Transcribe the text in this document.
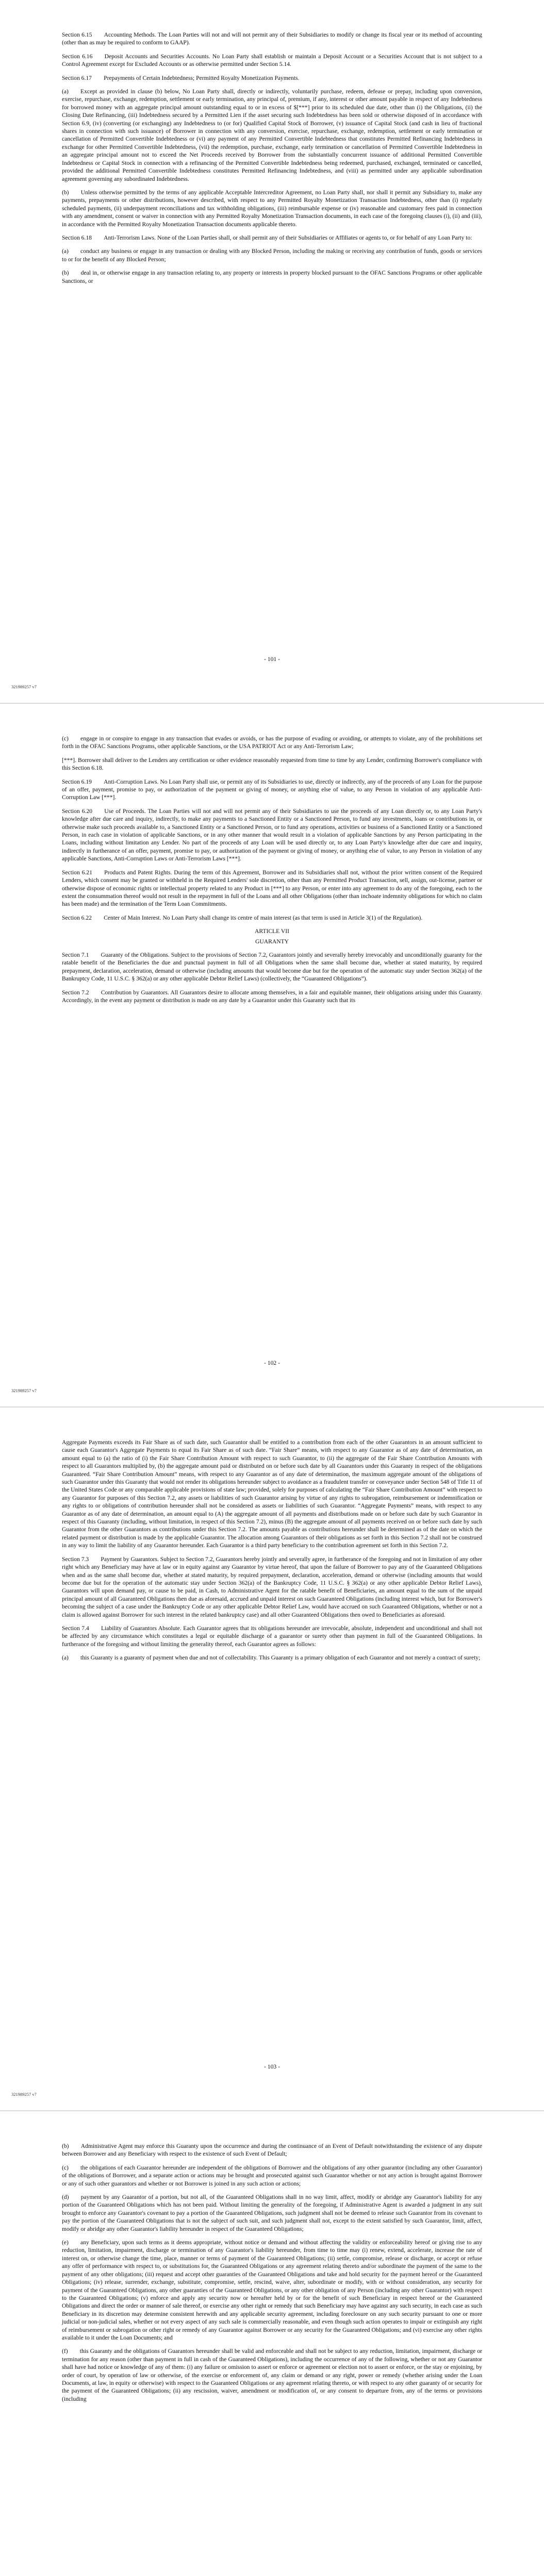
Section 6.15  Accounting Methods. The Loan Parties will not and will not permit any of their Subsidiaries to modify or change its fiscal year or its method of accounting (other than as may be required to conform to GAAP).

Section 6.16  Deposit Accounts and Securities Accounts. No Loan Party shall establish or maintain a Deposit Account or a Securities Account that is not subject to a Control Agreement except for Excluded Accounts or as otherwise permitted under Section 5.14.

Section 6.17  Prepayments of Certain Indebtedness; Permitted Royalty Monetization Payments.

(a)  Except as provided in clause (b) below, No Loan Party shall, directly or indirectly, voluntarily purchase, redeem, defease or prepay, including upon conversion, exercise, repurchase, exchange, redemption, settlement or early termination, any principal of, premium, if any, interest or other amount payable in respect of any Indebtedness for borrowed money with an aggregate principal amount outstanding equal to or in excess of $[***] prior to its scheduled due date, other than (i) the Obligations, (ii) the Closing Date Refinancing, (iii) Indebtedness secured by a Permitted Lien if the asset securing such Indebtedness has been sold or otherwise disposed of in accordance with Section 6.9, (iv) (converting (or exchanging) any Indebtedness to (or for) Qualified Capital Stock of Borrower, (v) issuance of Capital Stock (and cash in lieu of fractional shares in connection with such issuance) of Borrower in connection with any conversion, exercise, repurchase, exchange, redemption, settlement or early termination or cancellation of Permitted Convertible Indebtedness or (vi) any payment of any Permitted Convertible Indebtedness that constitutes Permitted Refinancing Indebtedness in exchange for other Permitted Convertible Indebtedness, (vii) the redemption, purchase, exchange, early termination or cancellation of Permitted Convertible Indebtedness in an aggregate principal amount not to exceed the Net Proceeds received by Borrower from the substantially concurrent issuance of additional Permitted Convertible Indebtedness or Capital Stock in connection with a refinancing of the Permitted Convertible Indebtedness being redeemed, purchased, exchanged, terminated or cancelled, provided the additional Permitted Convertible Indebtedness constitutes Permitted Refinancing Indebtedness, and (viii) as permitted under any applicable subordination agreement governing any subordinated Indebtedness.

(b)  Unless otherwise permitted by the terms of any applicable Acceptable Intercreditor Agreement, no Loan Party shall, nor shall it permit any Subsidiary to, make any payments, prepayments or other distributions, however described, with respect to any Permitted Royalty Monetization Transaction Indebtedness, other than (i) regularly scheduled payments, (ii) underpayment reconciliations and tax withholding obligations, (iii) reimbursable expense or (iv) reasonable and customary fees paid in connection with any amendment, consent or waiver in connection with any Permitted Royalty Monetization Transaction documents, in each case of the foregoing clauses (i), (ii) and (iii), in accordance with the Permitted Royalty Monetization Transaction documents applicable thereto.

Section 6.18  Anti-Terrorism Laws. None of the Loan Parties shall, or shall permit any of their Subsidiaries or Affiliates or agents to, or for behalf of any Loan Party to:

(a)  conduct any business or engage in any transaction or dealing with any Blocked Person, including the making or receiving any contribution of funds, goods or services to or for the benefit of any Blocked Person;

(b)  deal in, or otherwise engage in any transaction relating to, any property or interests in property blocked pursuant to the OFAC Sanctions Programs or other applicable Sanctions, or

- 101 -
321989257 v7

(c)  engage in or conspire to engage in any transaction that evades or avoids, or has the purpose of evading or avoiding, or attempts to violate, any of the prohibitions set forth in the OFAC Sanctions Programs, other applicable Sanctions, or the USA PATRIOT Act or any Anti-Terrorism Law;

[***]. Borrower shall deliver to the Lenders any certification or other evidence reasonably requested from time to time by any Lender, confirming Borrower's compliance with this Section 6.18.

Section 6.19  Anti-Corruption Laws. No Loan Party shall use, or permit any of its Subsidiaries to use, directly or indirectly, any of the proceeds of any Loan for the purpose of an offer, payment, promise to pay, or authorization of the payment or giving of money, or anything else of value, to any Person in violation of any applicable Anti-Corruption Law [***].

Section 6.20  Use of Proceeds. The Loan Parties will not and will not permit any of their Subsidiaries to use the proceeds of any Loan directly or, to any Loan Party's knowledge after due care and inquiry, indirectly, to make any payments to a Sanctioned Entity or a Sanctioned Person, to fund any investments, loans or contributions in, or otherwise make such proceeds available to, a Sanctioned Entity or a Sanctioned Person, or to fund any operations, activities or business of a Sanctioned Entity or a Sanctioned Person, in each case in violation of applicable Sanctions, or in any other manner that would result in a violation of applicable Sanctions by any Person participating in the Loans, including without limitation any Lender. No part of the proceeds of any Loan will be used directly or, to any Loan Party's knowledge after due care and inquiry, indirectly in furtherance of an offer, payment, promise to pay, or authorization of the payment or giving of money, or anything else of value, to any Person in violation of any applicable Sanctions, Anti-Corruption Laws or Anti-Terrorism Laws [***].

Section 6.21  Products and Patent Rights. During the term of this Agreement, Borrower and its Subsidiaries shall not, without the prior written consent of the Required Lenders, which consent may be granted or withheld in the Required Lenders' sole discretion, other than any Permitted Product Transaction, sell, assign, out-license, partner or otherwise dispose of economic rights or intellectual property related to any Product in [***] to any Person, or enter into any agreement to do any of the foregoing, each to the extent the consummation thereof would not result in the repayment in full of the Loans and all other Obligations (other than inchoate indemnity obligations for which no claim has been made) and the termination of the Term Loan Commitments.

Section 6.22  Center of Main Interest. No Loan Party shall change its centre of main interest (as that term is used in Article 3(1) of the Regulation).

ARTICLE VII

GUARANTY

Section 7.1  Guaranty of the Obligations. Subject to the provisions of Section 7.2, Guarantors jointly and severally hereby irrevocably and unconditionally guaranty for the ratable benefit of the Beneficiaries the due and punctual payment in full of all Obligations when the same shall become due, whether at stated maturity, by required prepayment, declaration, acceleration, demand or otherwise (including amounts that would become due but for the operation of the automatic stay under Section 362(a) of the Bankruptcy Code, 11 U.S.C. § 362(a) or any other applicable Debtor Relief Laws) (collectively, the “Guaranteed Obligations”).

Section 7.2  Contribution by Guarantors. All Guarantors desire to allocate among themselves, in a fair and equitable manner, their obligations arising under this Guaranty. Accordingly, in the event any payment or distribution is made on any date by a Guarantor under this Guaranty such that its

- 102 -
321989257 v7

Aggregate Payments exceeds its Fair Share as of such date, such Guarantor shall be entitled to a contribution from each of the other Guarantors in an amount sufficient to cause each Guarantor's Aggregate Payments to equal its Fair Share as of such date. “Fair Share” means, with respect to any Guarantor as of any date of determination, an amount equal to (a) the ratio of (i) the Fair Share Contribution Amount with respect to such Guarantor, to (ii) the aggregate of the Fair Share Contribution Amounts with respect to all Guarantors multiplied by, (b) the aggregate amount paid or distributed on or before such date by all Guarantors under this Guaranty in respect of the obligations Guaranteed. “Fair Share Contribution Amount” means, with respect to any Guarantor as of any date of determination, the maximum aggregate amount of the obligations of such Guarantor under this Guaranty that would not render its obligations hereunder subject to avoidance as a fraudulent transfer or conveyance under Section 548 of Title 11 of the United States Code or any comparable applicable provisions of state law; provided, solely for purposes of calculating the “Fair Share Contribution Amount” with respect to any Guarantor for purposes of this Section 7.2, any assets or liabilities of such Guarantor arising by virtue of any rights to subrogation, reimbursement or indemnification or any rights to or obligations of contribution hereunder shall not be considered as assets or liabilities of such Guarantor. “Aggregate Payments” means, with respect to any Guarantor as of any date of determination, an amount equal to (A) the aggregate amount of all payments and distributions made on or before such date by such Guarantor in respect of this Guaranty (including, without limitation, in respect of this Section 7.2), minus (B) the aggregate amount of all payments received on or before such date by such Guarantor from the other Guarantors as contributions under this Section 7.2. The amounts payable as contributions hereunder shall be determined as of the date on which the related payment or distribution is made by the applicable Guarantor. The allocation among Guarantors of their obligations as set forth in this Section 7.2 shall not be construed in any way to limit the liability of any Guarantor hereunder. Each Guarantor is a third party beneficiary to the contribution agreement set forth in this Section 7.2.

Section 7.3  Payment by Guarantors. Subject to Section 7.2, Guarantors hereby jointly and severally agree, in furtherance of the foregoing and not in limitation of any other right which any Beneficiary may have at law or in equity against any Guarantor by virtue hereof, that upon the failure of Borrower to pay any of the Guaranteed Obligations when and as the same shall become due, whether at stated maturity, by required prepayment, declaration, acceleration, demand or otherwise (including amounts that would become due but for the operation of the automatic stay under Section 362(a) of the Bankruptcy Code, 11 U.S.C. § 362(a) or any other applicable Debtor Relief Laws), Guarantors will upon demand pay, or cause to be paid, in Cash, to Administrative Agent for the ratable benefit of Beneficiaries, an amount equal to the sum of the unpaid principal amount of all Guaranteed Obligations then due as aforesaid, accrued and unpaid interest on such Guaranteed Obligations (including interest which, but for Borrower's becoming the subject of a case under the Bankruptcy Code or any other applicable Debtor Relief Law, would have accrued on such Guaranteed Obligations, whether or not a claim is allowed against Borrower for such interest in the related bankruptcy case) and all other Guaranteed Obligations then owed to Beneficiaries as aforesaid.

Section 7.4  Liability of Guarantors Absolute. Each Guarantor agrees that its obligations hereunder are irrevocable, absolute, independent and unconditional and shall not be affected by any circumstance which constitutes a legal or equitable discharge of a guarantor or surety other than payment in full of the Guaranteed Obligations. In furtherance of the foregoing and without limiting the generality thereof, each Guarantor agrees as follows:

(a)  this Guaranty is a guaranty of payment when due and not of collectability. This Guaranty is a primary obligation of each Guarantor and not merely a contract of surety;

- 103 -
321989257 v7

(b)  Administrative Agent may enforce this Guaranty upon the occurrence and during the continuance of an Event of Default notwithstanding the existence of any dispute between Borrower and any Beneficiary with respect to the existence of such Event of Default;

(c)  the obligations of each Guarantor hereunder are independent of the obligations of Borrower and the obligations of any other guarantor (including any other Guarantor) of the obligations of Borrower, and a separate action or actions may be brought and prosecuted against such Guarantor whether or not any action is brought against Borrower or any of such other guarantors and whether or not Borrower is joined in any such action or actions;

(d)  payment by any Guarantor of a portion, but not all, of the Guaranteed Obligations shall in no way limit, affect, modify or abridge any Guarantor's liability for any portion of the Guaranteed Obligations which has not been paid. Without limiting the generality of the foregoing, if Administrative Agent is awarded a judgment in any suit brought to enforce any Guarantor's covenant to pay a portion of the Guaranteed Obligations, such judgment shall not be deemed to release such Guarantor from its covenant to pay the portion of the Guaranteed Obligations that is not the subject of such suit, and such judgment shall not, except to the extent satisfied by such Guarantor, limit, affect, modify or abridge any other Guarantor's liability hereunder in respect of the Guaranteed Obligations;

(e)  any Beneficiary, upon such terms as it deems appropriate, without notice or demand and without affecting the validity or enforceability hereof or giving rise to any reduction, limitation, impairment, discharge or termination of any Guarantor's liability hereunder, from time to time may (i) renew, extend, accelerate, increase the rate of interest on, or otherwise change the time, place, manner or terms of payment of the Guaranteed Obligations; (ii) settle, compromise, release or discharge, or accept or refuse any offer of performance with respect to, or substitutions for, the Guaranteed Obligations or any agreement relating thereto and/or subordinate the payment of the same to the payment of any other obligations; (iii) request and accept other guaranties of the Guaranteed Obligations and take and hold security for the payment hereof or the Guaranteed Obligations; (iv) release, surrender, exchange, substitute, compromise, settle, rescind, waive, alter, subordinate or modify, with or without consideration, any security for payment of the Guaranteed Obligations, any other guaranties of the Guaranteed Obligations, or any other obligation of any Person (including any other Guarantor) with respect to the Guaranteed Obligations; (v) enforce and apply any security now or hereafter held by or for the benefit of such Beneficiary in respect hereof or the Guaranteed Obligations and direct the order or manner of sale thereof, or exercise any other right or remedy that such Beneficiary may have against any such security, in each case as such Beneficiary in its discretion may determine consistent herewith and any applicable security agreement, including foreclosure on any such security pursuant to one or more judicial or non-judicial sales, whether or not every aspect of any such sale is commercially reasonable, and even though such action operates to impair or extinguish any right of reimbursement or subrogation or other right or remedy of any Guarantor against Borrower or any security for the Guaranteed Obligations; and (vi) exercise any other rights available to it under the Loan Documents; and

(f)  this Guaranty and the obligations of Guarantors hereunder shall be valid and enforceable and shall not be subject to any reduction, limitation, impairment, discharge or termination for any reason (other than payment in full in cash of the Guaranteed Obligations), including the occurrence of any of the following, whether or not any Guarantor shall have had notice or knowledge of any of them: (i) any failure or omission to assert or enforce or agreement or election not to assert or enforce, or the stay or enjoining, by order of court, by operation of law or otherwise, of the exercise or enforcement of, any claim or demand or any right, power or remedy (whether arising under the Loan Documents, at law, in equity or otherwise) with respect to the Guaranteed Obligations or any agreement relating thereto, or with respect to any other guaranty of or security for the payment of the Guaranteed Obligations; (ii) any rescission, waiver, amendment or modification of, or any consent to departure from, any of the terms or provisions (including
